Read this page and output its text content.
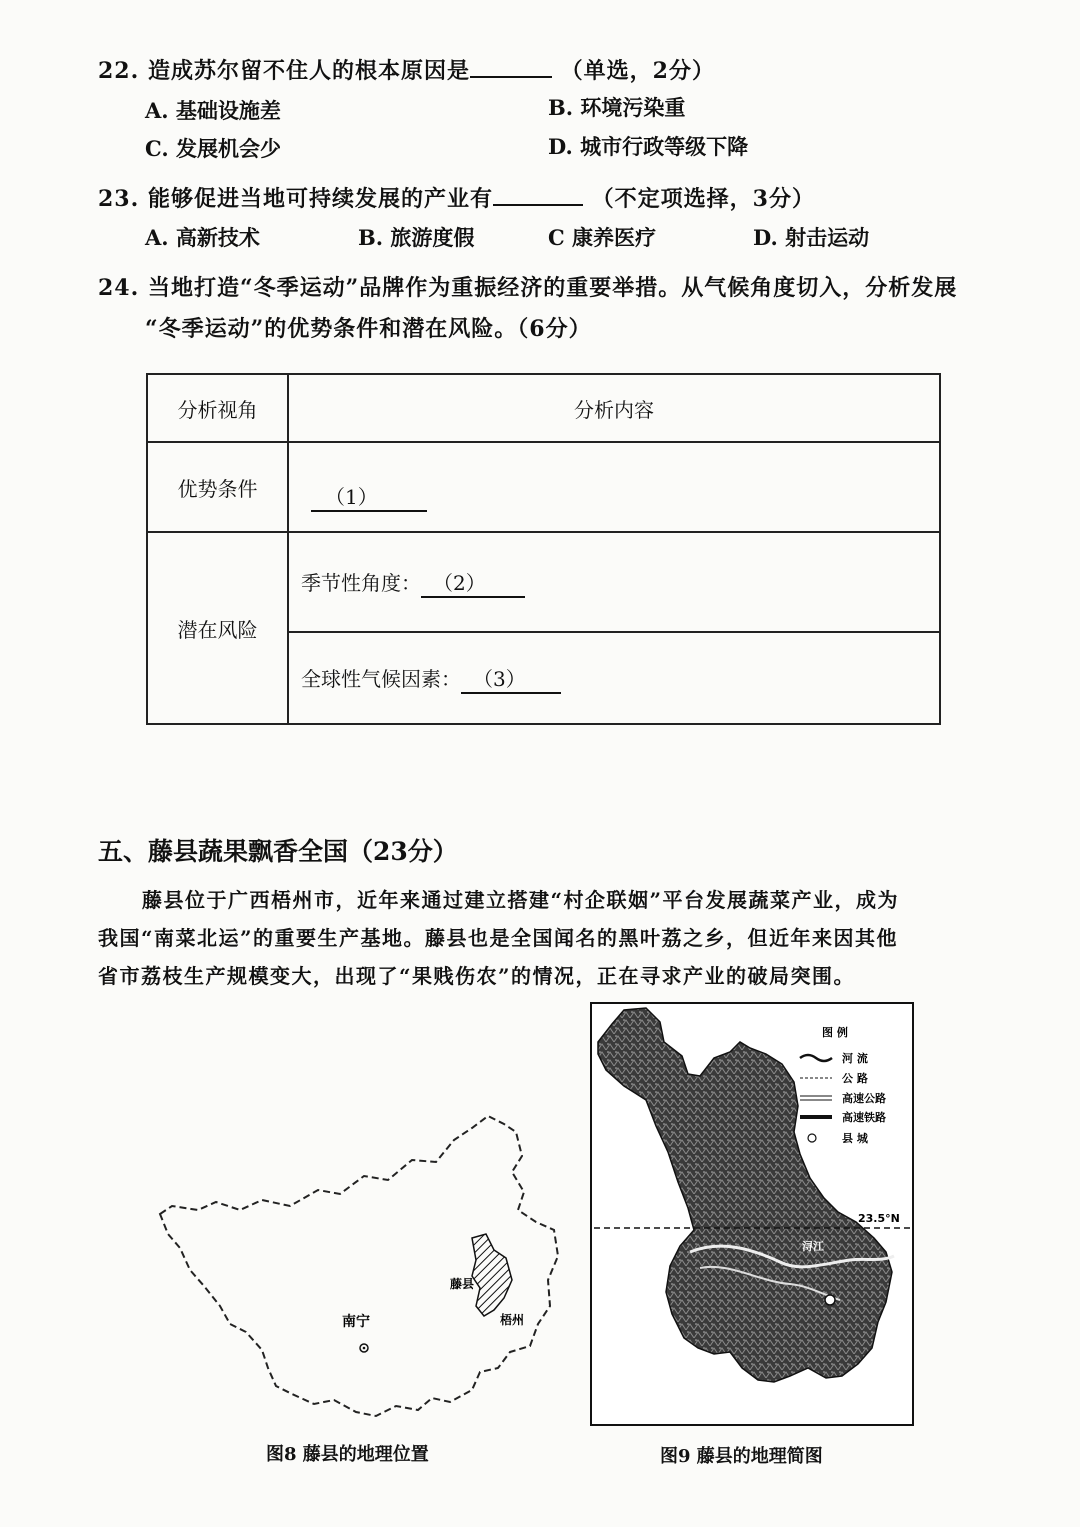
22. 造成苏尔留不住人的根本原因是	（单选，2分）
A. 基础设施差	B. 环境污染重
C. 发展机会少	D. 城市行政等级下降
23. 能够促进当地可持续发展的产业有	（不定项选择，3分）
A. 高新技术	B. 旅游度假	C 康养医疗	D. 射击运动
24. 当地打造“冬季运动”品牌作为重振经济的重要举措。从气候角度切入，分析发展
“冬季运动”的优势条件和潜在风险。（6分）
分析视角	分析内容
优势条件	（1）
潜在风险	季节性角度： （2）
	全球性气候因素： （3）
五、藤县蔬果飘香全国（23分）
藤县位于广西梧州市，近年来通过建立搭建“村企联姻”平台发展蔬菜产业，成为
我国“南菜北运”的重要生产基地。藤县也是全国闻名的黑叶荔之乡，但近年来因其他
省市荔枝生产规模变大，出现了“果贱伤农”的情况，正在寻求产业的破局突围。
南宁
藤县
梧州
图8 藤县的地理位置
23.5°N
浔江
图 例
河 流
公 路
高速公路
高速铁路
县 城
图9 藤县的地理简图
